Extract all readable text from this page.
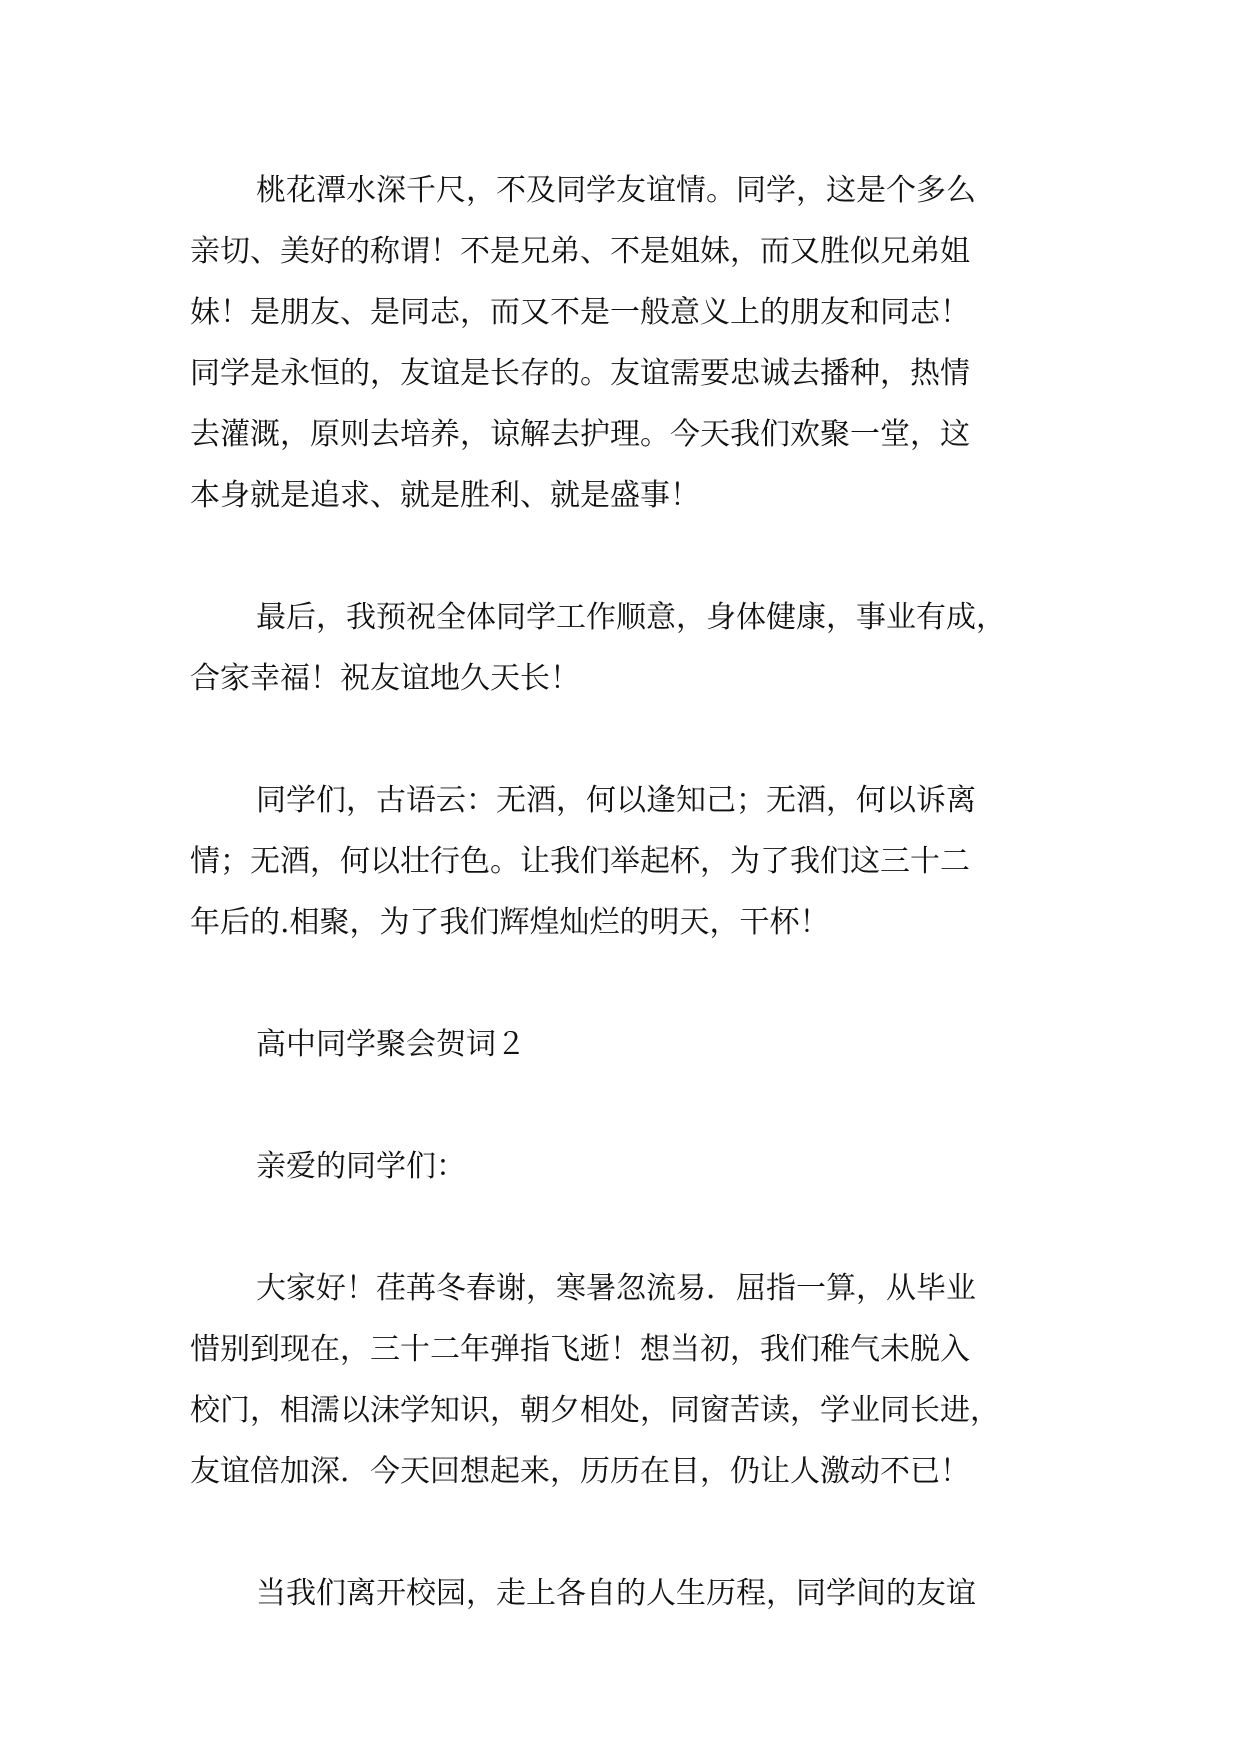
桃花潭水深千尺，不及同学友谊情。同学，这是个多么
亲切、美好的称谓！不是兄弟、不是姐妹，而又胜似兄弟姐
妹！是朋友、是同志，而又不是一般意义上的朋友和同志！
同学是永恒的，友谊是长存的。友谊需要忠诚去播种，热情
去灌溉，原则去培养，谅解去护理。今天我们欢聚一堂，这
本身就是追求、就是胜利、就是盛事！
最后，我预祝全体同学工作顺意，身体健康，事业有成，
合家幸福！祝友谊地久天长！
同学们，古语云：无酒，何以逢知己；无酒，何以诉离
情；无酒，何以壮行色。让我们举起杯，为了我们这三十二
年后的.相聚，为了我们辉煌灿烂的明天，干杯！
高中同学聚会贺词２
亲爱的同学们：
大家好！荏苒冬春谢，寒暑忽流易．屈指一算，从毕业
惜别到现在，三十二年弹指飞逝！想当初，我们稚气未脱入
校门，相濡以沫学知识，朝夕相处，同窗苦读，学业同长进，
友谊倍加深．今天回想起来，历历在目，仍让人激动不已！
当我们离开校园，走上各自的人生历程，同学间的友谊
